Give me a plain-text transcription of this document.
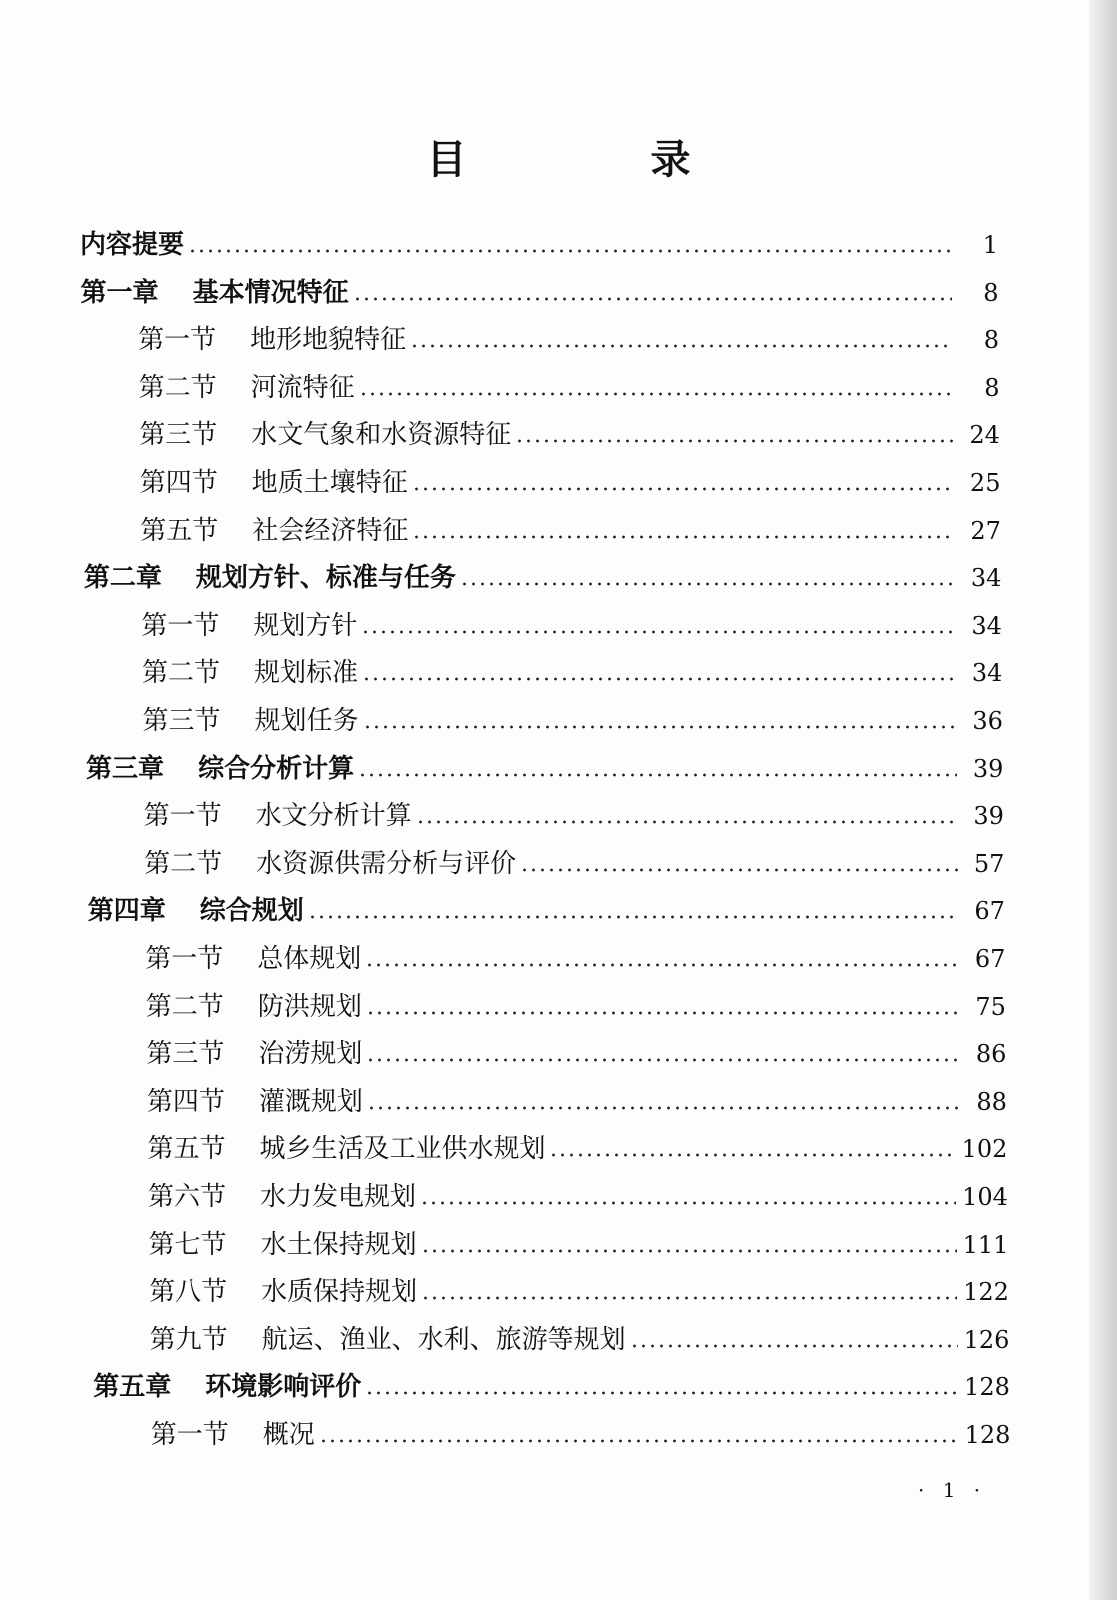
目　录
内容提要	1
第一章 基本情况特征	8
第一节 地形地貌特征	8
第二节 河流特征	8
第三节 水文气象和水资源特征	24
第四节 地质土壤特征	25
第五节 社会经济特征	27
第二章 规划方针、标准与任务	34
第一节 规划方针	34
第二节 规划标准	34
第三节 规划任务	36
第三章 综合分析计算	39
第一节 水文分析计算	39
第二节 水资源供需分析与评价	57
第四章 综合规划	67
第一节 总体规划	67
第二节 防洪规划	75
第三节 治涝规划	86
第四节 灌溉规划	88
第五节 城乡生活及工业供水规划	102
第六节 水力发电规划	104
第七节 水土保持规划	111
第八节 水质保持规划	122
第九节 航运、渔业、水利、旅游等规划	126
第五章 环境影响评价	128
第一节 概况	128
· 1 ·
